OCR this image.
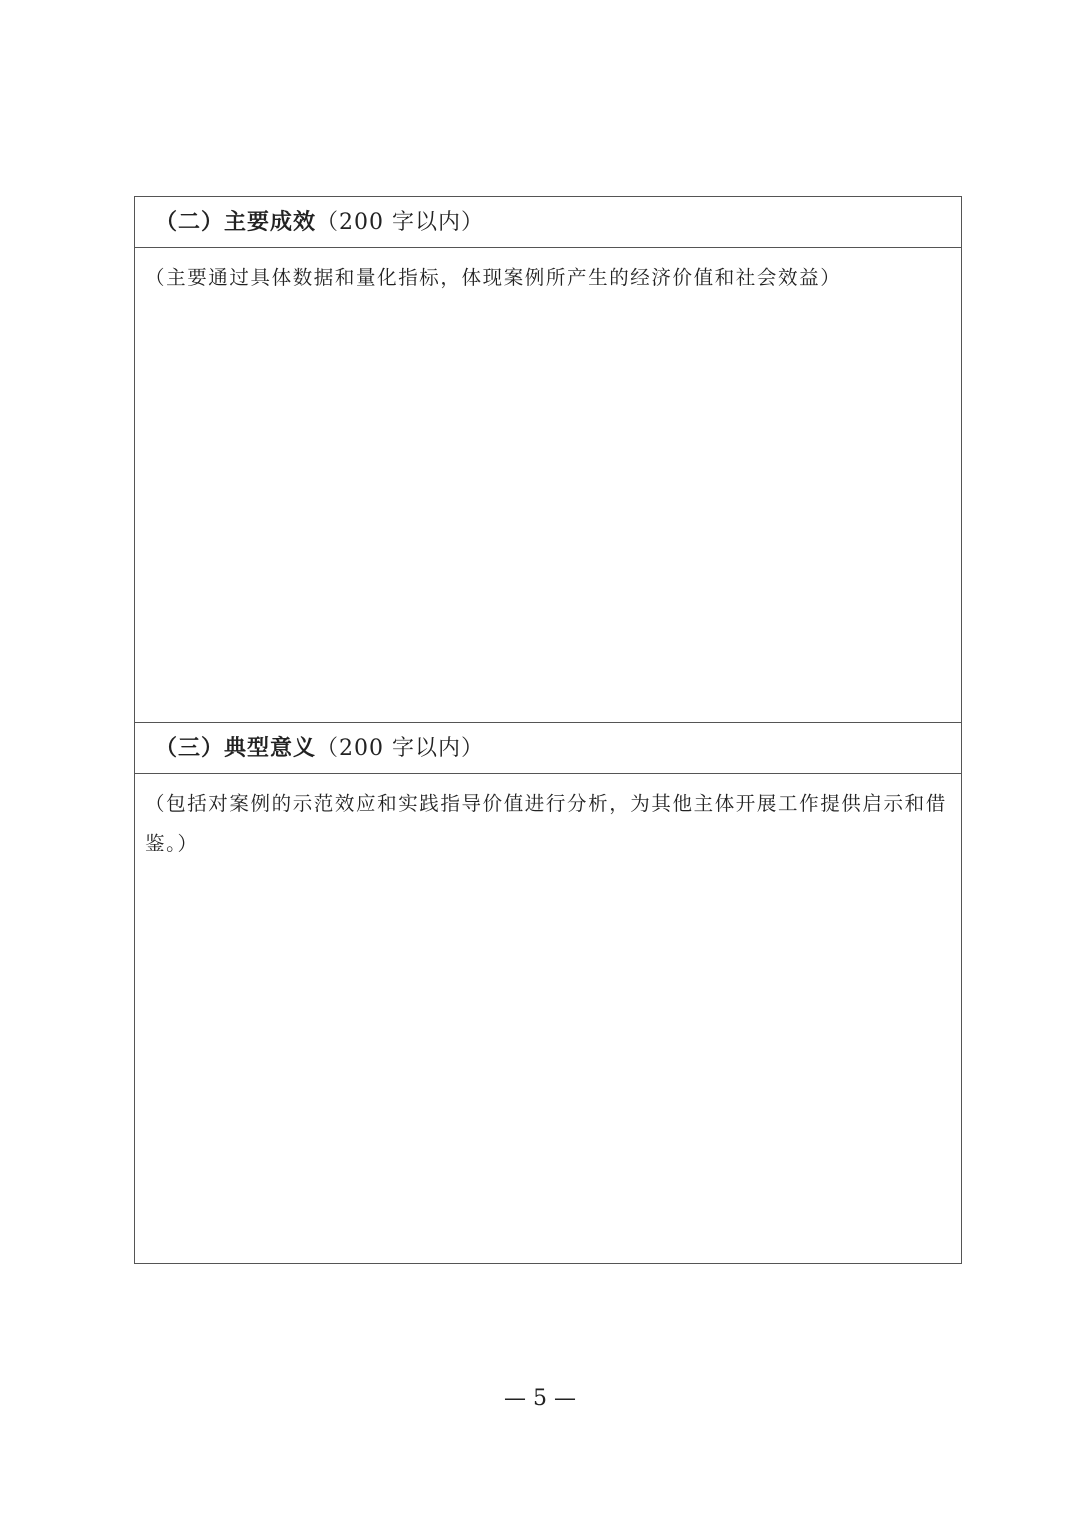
（二）主要成效（200 字以内）
（主要通过具体数据和量化指标，体现案例所产生的经济价值和社会效益）
（三）典型意义（200 字以内）
（包括对案例的示范效应和实践指导价值进行分析，为其他主体开展工作提供启示和借鉴。）
— 5 —
